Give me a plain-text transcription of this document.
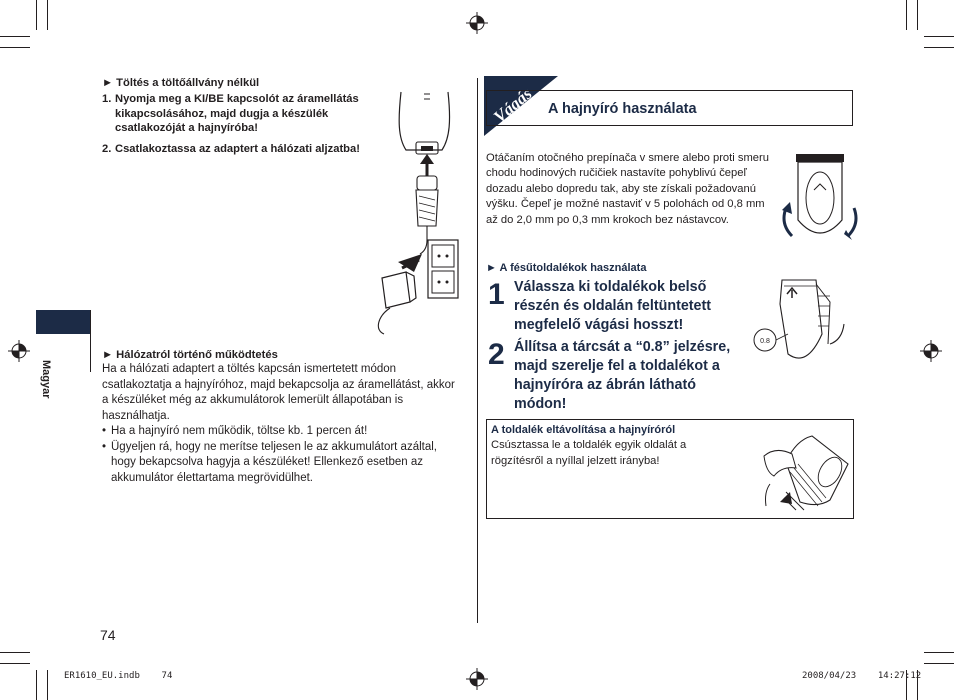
Magyar
► Töltés a töltőállvány nélkül
1. Nyomja meg a KI/BE kapcsolót az áramellátás kikapcsolásához, majd dugja a készülék csatlakozóját a hajnyíróba!
2. Csatlakoztassa az adaptert a hálózati aljzatba!
► Hálózatról történő működtetés
Ha a hálózati adaptert a töltés kapcsán ismertetett módon csatlakoztatja a hajnyíróhoz, majd bekapcsolja az áramellátást, akkor a készüléket még az akkumulátorok lemerült állapotában is használhatja.
• Ha a hajnyíró nem működik, töltse kb. 1 percen át!
• Ügyeljen rá, hogy ne merítse teljesen le az akkumulátort azáltal, hogy bekapcsolva hagyja a készüléket! Ellenkező esetben az akkumulátor élettartama megrövidülhet.
Vágás A hajnyíró használata
Otáčaním otočného prepínača v smere alebo proti smeru chodu hodinových ručičiek nastavíte pohyblivú čepeľ dozadu alebo dopredu tak, aby ste získali požadovanú výšku. Čepeľ je možné nastaviť v 5 polohách od 0,8 mm až do 2,0 mm po 0,3 mm krokoch bez nástavcov.
► A fésűtoldalékok használata
1 Válassza ki toldalékok belső részén és oldalán feltüntetett megfelelő vágási hosszt!
2 Állítsa a tárcsát a “0.8” jelzésre, majd szerelje fel a toldalékot a hajnyíróra az ábrán látható módon!
0.8
A toldalék eltávolítása a hajnyíróról
Csúsztassa le a toldalék egyik oldalát a rögzítésről a nyíllal jelzett irányba!
74
ER1610_EU.indb    74	2008/04/23    14:27:12
